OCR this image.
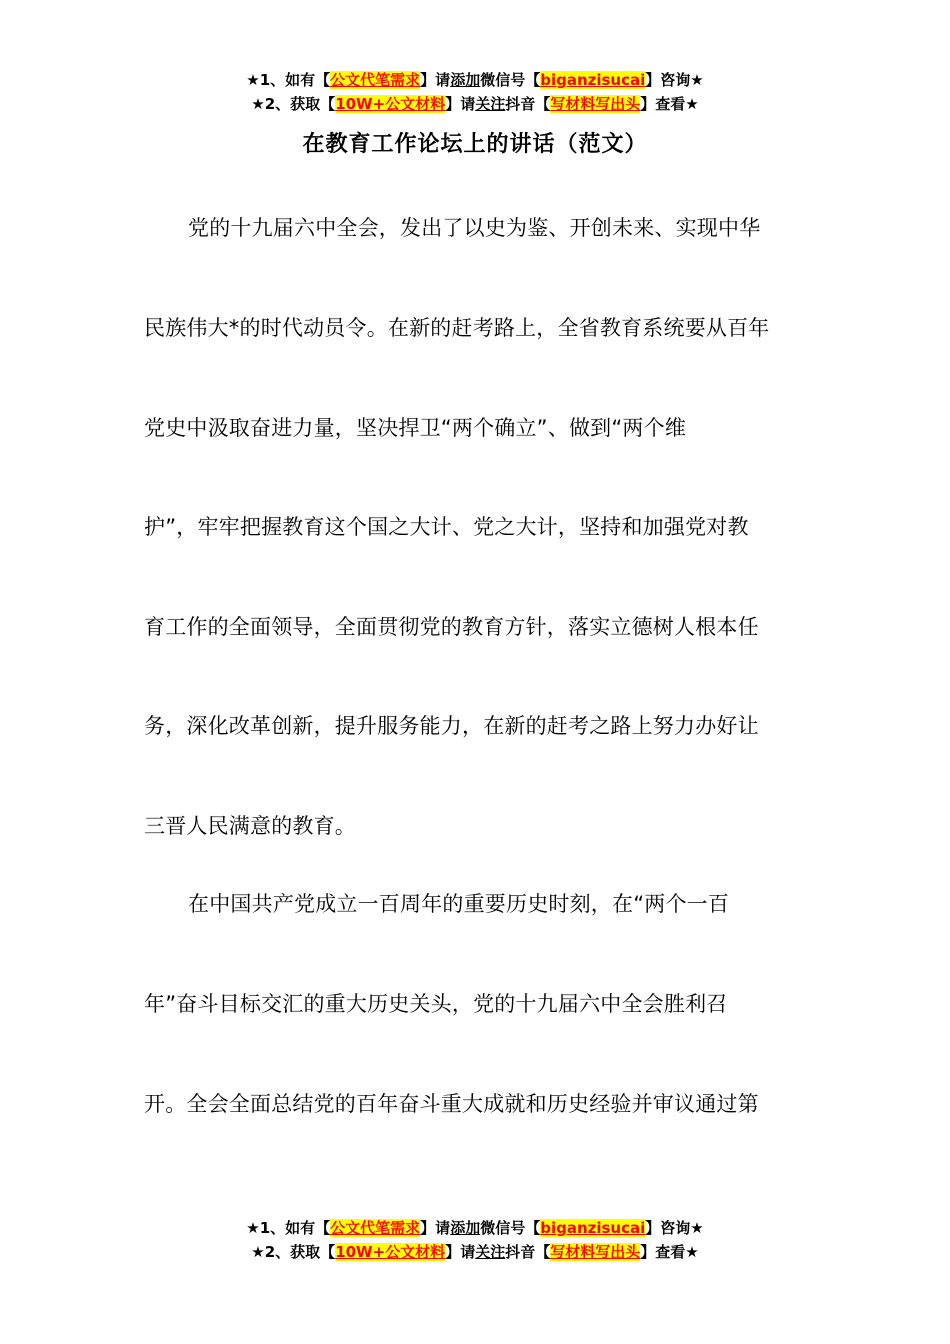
★1、如有【公文代笔需求】请添加微信号【biganzisucai】咨询★
★2、获取【10W+公文材料】请关注抖音【写材料写出头】查看★
在教育工作论坛上的讲话（范文）
党的十九届六中全会，发出了以史为鉴、开创未来、实现中华
民族伟大*的时代动员令。在新的赶考路上，全省教育系统要从百年
党史中汲取奋进力量，坚决捍卫“两个确立”、做到“两个维
护”，牢牢把握教育这个国之大计、党之大计，坚持和加强党对教
育工作的全面领导，全面贯彻党的教育方针，落实立德树人根本任
务，深化改革创新，提升服务能力，在新的赶考之路上努力办好让
三晋人民满意的教育。
在中国共产党成立一百周年的重要历史时刻，在“两个一百
年”奋斗目标交汇的重大历史关头，党的十九届六中全会胜利召
开。全会全面总结党的百年奋斗重大成就和历史经验并审议通过第
★1、如有【公文代笔需求】请添加微信号【biganzisucai】咨询★
★2、获取【10W+公文材料】请关注抖音【写材料写出头】查看★
